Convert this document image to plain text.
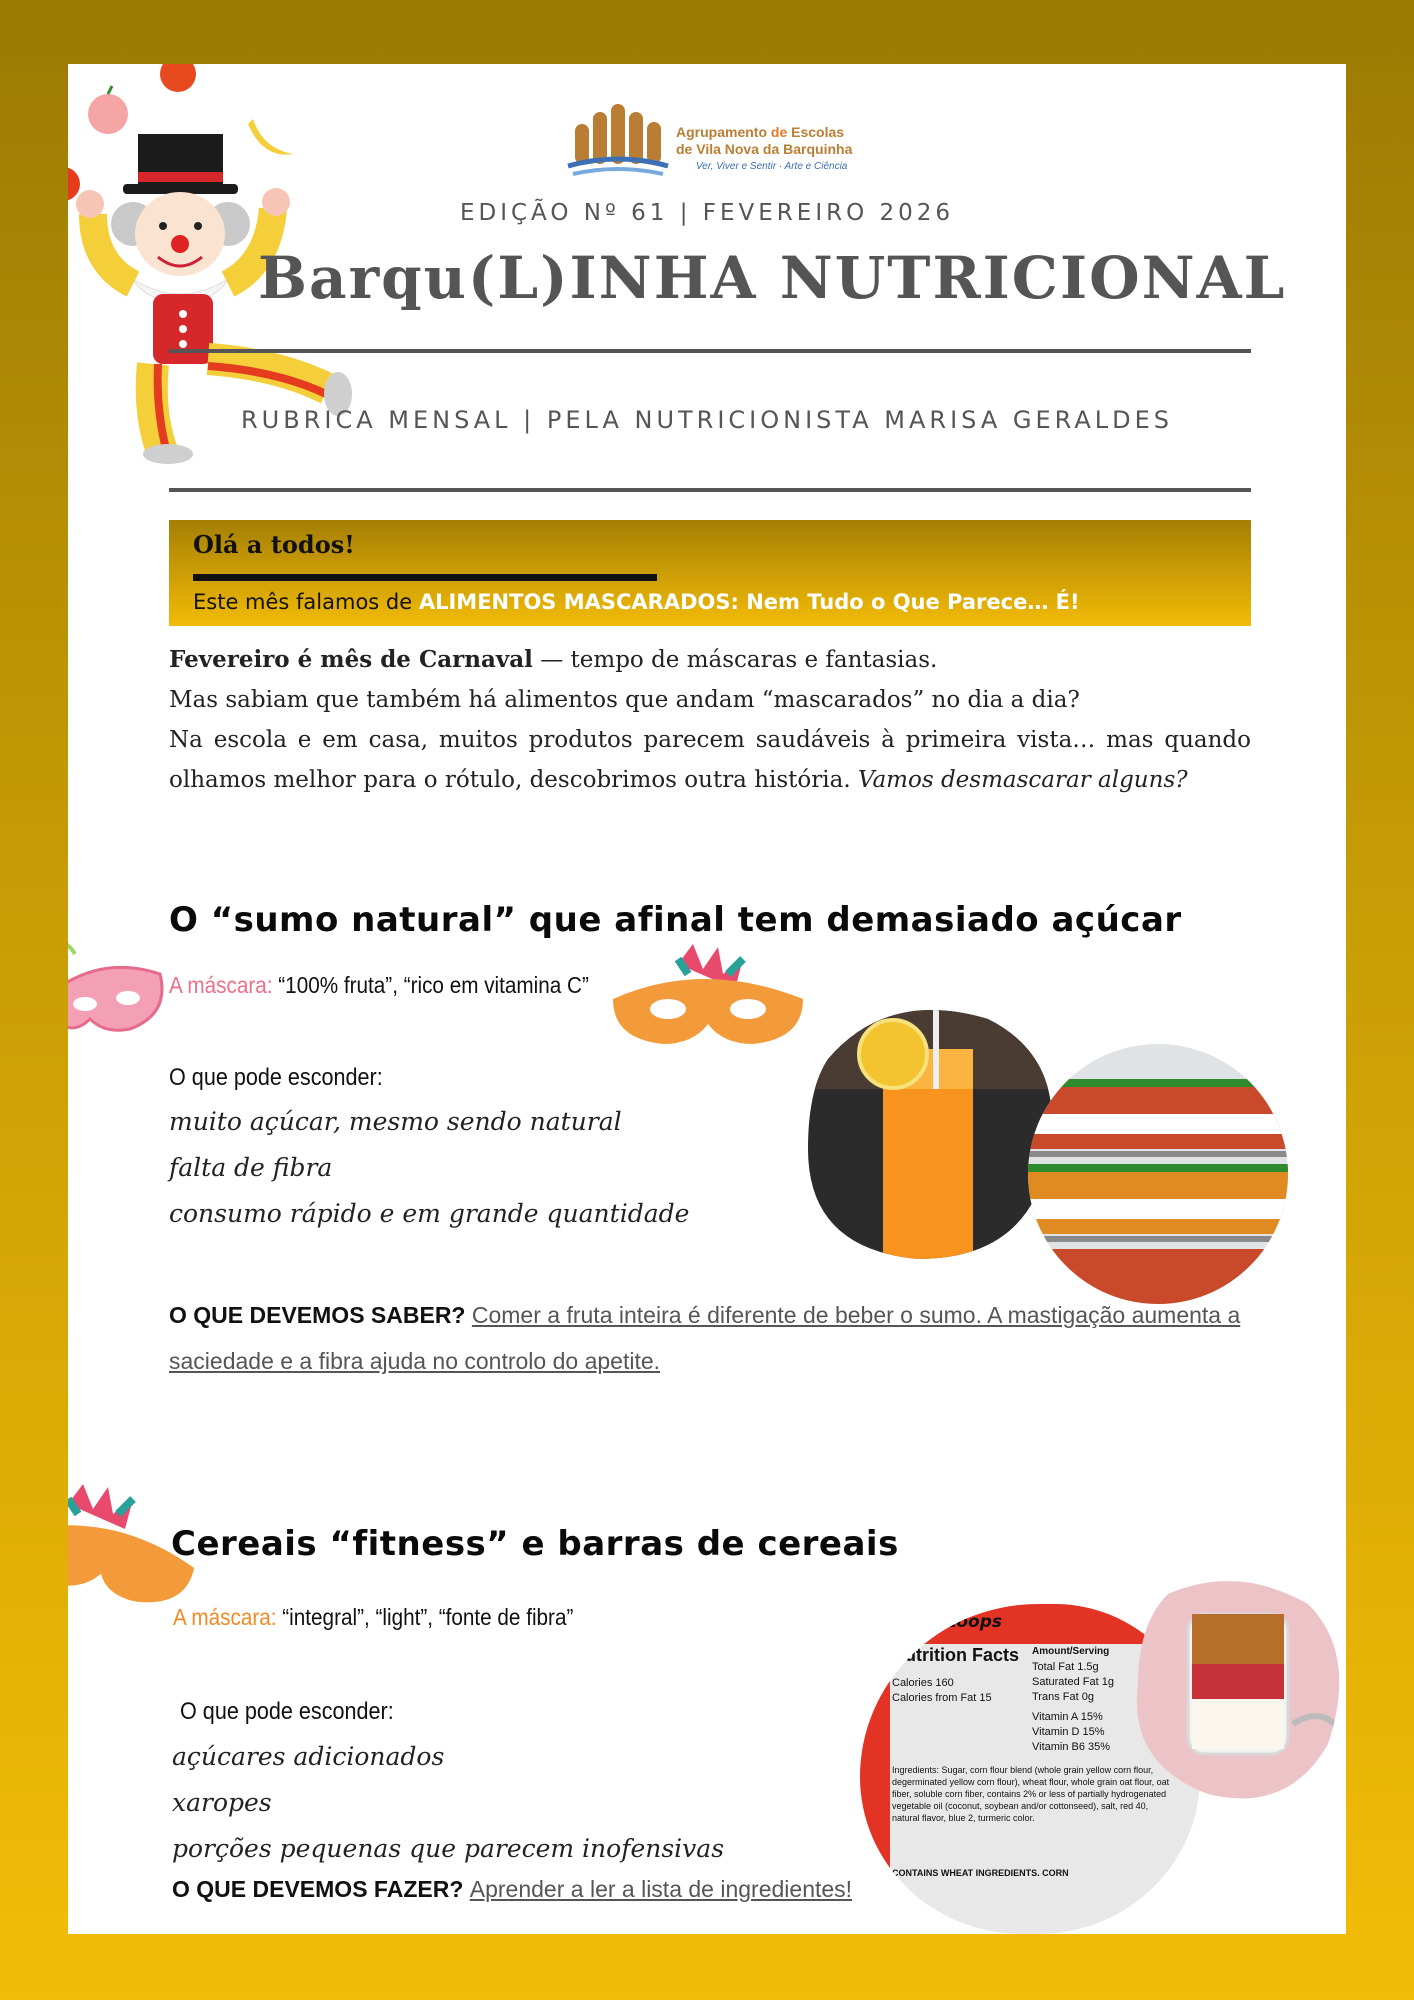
Agrupamento de Escolas
de Vila Nova da Barquinha
Ver, Viver e Sentir · Arte e Ciência
EDIÇÃO Nº 61 | FEVEREIRO 2026
Barqu(L)INHA NUTRICIONAL
RUBRICA MENSAL | PELA NUTRICIONISTA MARISA GERALDES
Olá a todos!
Este mês falamos de ALIMENTOS MASCARADOS: Nem Tudo o Que Parece… É!

Fevereiro é mês de Carnaval — tempo de máscaras e fantasias.

Mas sabiam que também há alimentos que andam “mascarados” no dia a dia?

Na escola e em casa, muitos produtos parecem saudáveis à primeira vista… mas quando olhamos melhor para o rótulo, descobrimos outra história. Vamos desmascarar alguns?

O “sumo natural” que afinal tem demasiado açúcar
A máscara: “100% fruta”, “rico em vitamina C”
O que pode esconder:
muito açúcar, mesmo sendo natural
falta de fibra
consumo rápido e em grande quantidade
O QUE DEVEMOS SABER? Comer a fruta inteira é diferente de beber o sumo. A mastigação aumenta a saciedade e a fibra ajuda no controlo do apetite.
Cereais “fitness” e barras de cereais
A máscara: “integral”, “light”, “fonte de fibra”
O que pode esconder:
açúcares adicionados
xaropes
porções pequenas que parecem inofensivas
O QUE DEVEMOS FAZER? Aprender a ler a lista de ingredientes!
Froot Loops
Nutrition Facts	Amount/Serving
Total Fat 1.5g
Saturated Fat 1g
Trans Fat 0g
Calories 160
Calories from Fat 15
Vitamin A 15%
Vitamin D 15%
Vitamin B6 35%
Ingredients: Sugar, corn flour blend (whole grain yellow corn flour, degerminated yellow corn flour), wheat flour, whole grain oat flour, oat fiber, soluble corn fiber, contains 2% or less of partially hydrogenated vegetable oil (coconut, soybean and/or cottonseed), salt, red 40, natural flavor, blue 2, turmeric color.
CONTAINS WHEAT INGREDIENTS. CORN
